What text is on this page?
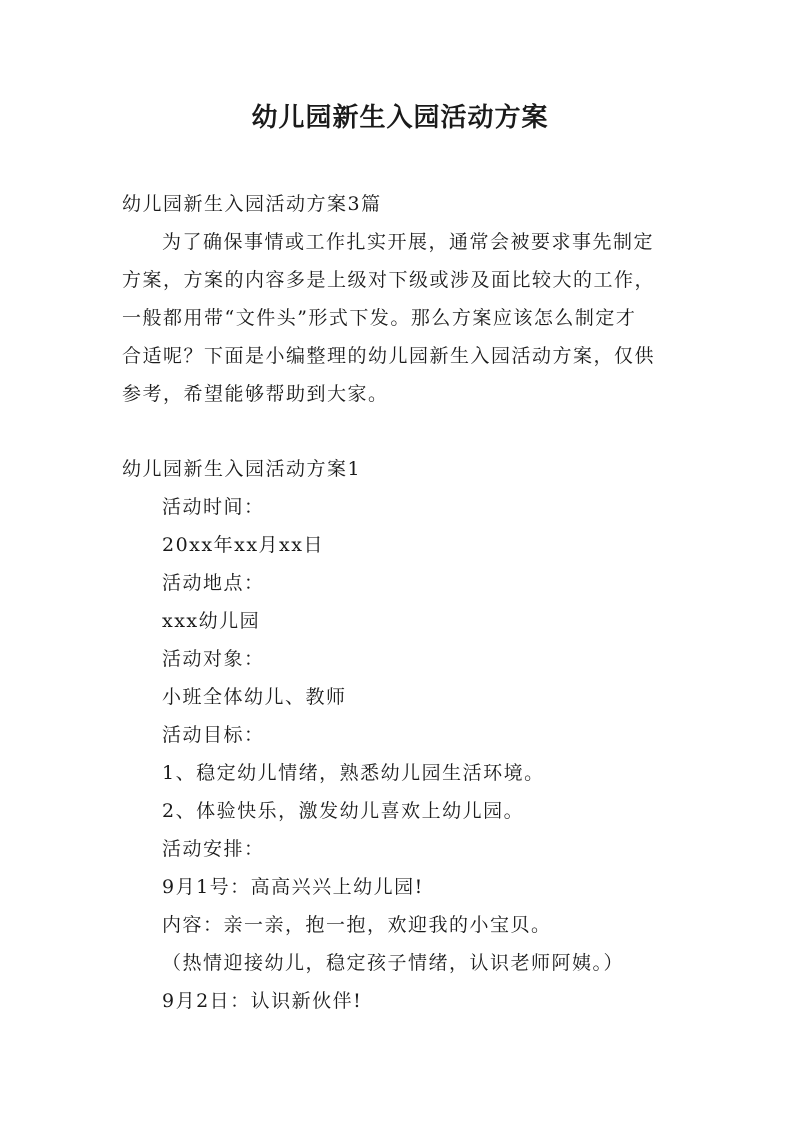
幼儿园新生入园活动方案

幼儿园新生入园活动方案3篇

为了确保事情或工作扎实开展，通常会被要求事先制定

方案，方案的内容多是上级对下级或涉及面比较大的工作，

一般都用带“文件头”形式下发。那么方案应该怎么制定才

合适呢？下面是小编整理的幼儿园新生入园活动方案，仅供

参考，希望能够帮助到大家。

幼儿园新生入园活动方案1

活动时间：

20xx年xx月xx日

活动地点：

xxx幼儿园

活动对象：

小班全体幼儿、教师

活动目标：

1、稳定幼儿情绪，熟悉幼儿园生活环境。

2、体验快乐，激发幼儿喜欢上幼儿园。

活动安排：

9月1号：高高兴兴上幼儿园!

内容：亲一亲，抱一抱，欢迎我的小宝贝。

（热情迎接幼儿，稳定孩子情绪，认识老师阿姨。）

9月2日：认识新伙伴!
